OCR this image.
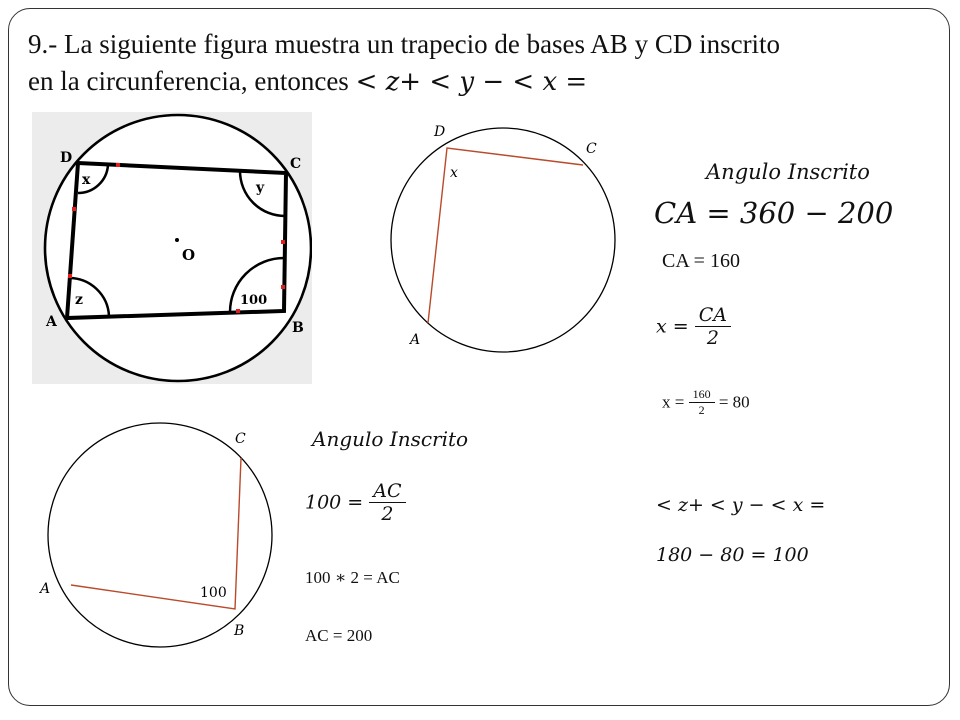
9.- La siguiente figura muestra un trapecio de bases AB y CD inscrito
en la circunferencia, entonces < z+ < y − < x =
O
D	C
A	B
x	y
z	100
D
C
A
x
C
A
B
100
Angulo Inscrito
CA = 360 − 200
CA = 160
$x = \frac{CA}{2}$
$x = \frac{160}{2} = 80$
< z+ < y − < x =
180 − 80 = 100
Angulo Inscrito
$100 = \frac{AC}{2}$
100 ∗ 2 = AC
AC = 200
